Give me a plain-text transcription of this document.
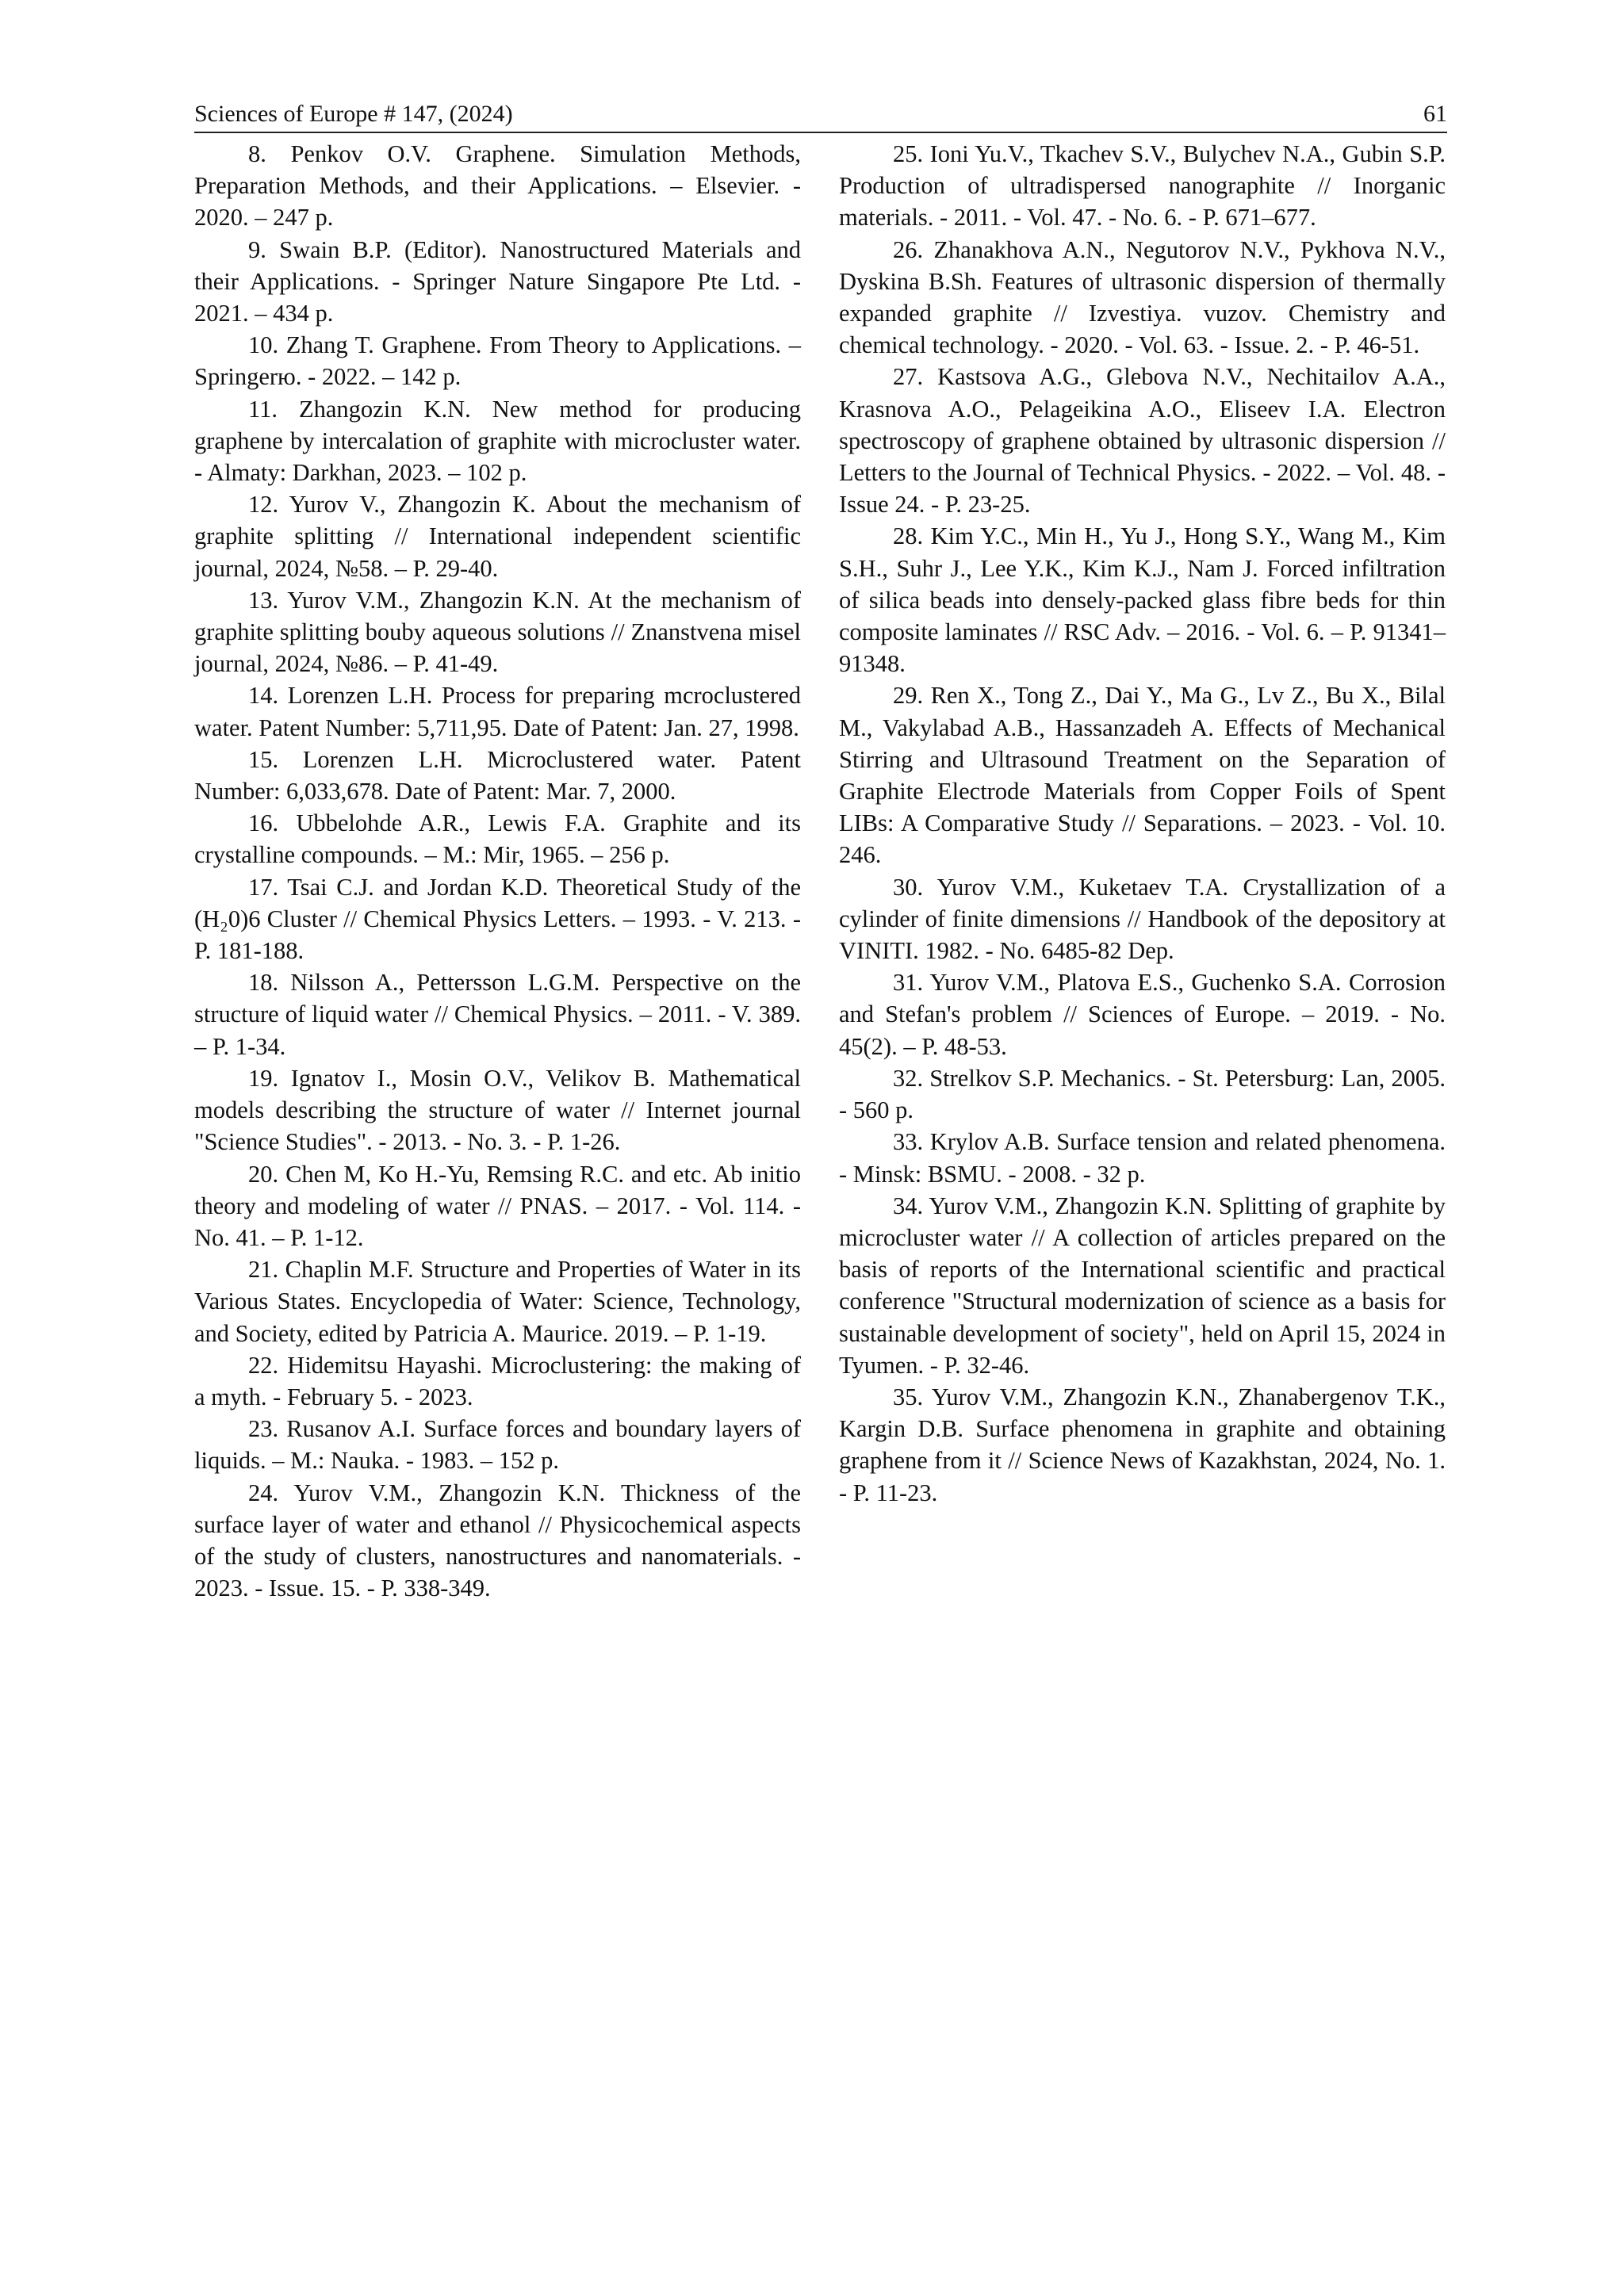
Sciences of Europe # 147, (2024)	61

8. Penkov O.V. Graphene. Simulation Methods, Preparation Methods, and their Applications. – Elsevier. - 2020. – 247 p.

9. Swain B.P. (Editor). Nanostructured Materials and their Applications. - Springer Nature Singapore Pte Ltd. - 2021. – 434 p.

10. Zhang T. Graphene. From Theory to Applications. – Springerю. - 2022. – 142 p.

11. Zhangozin K.N. New method for producing graphene by intercalation of graphite with microcluster water. - Almaty: Darkhan, 2023. – 102 p.

12. Yurov V., Zhangozin K. About the mechanism of graphite splitting // International independent scientific journal, 2024, №58. – P. 29-40.

13. Yurov V.M., Zhangozin K.N. At the mechanism of graphite splitting bouby aqueous solutions // Znanstvena misel journal, 2024, №86. – P. 41-49.

14. Lorenzen L.H. Process for preparing mcroclustered water. Patent Number: 5,711,95. Date of Patent: Jan. 27, 1998.

15. Lorenzen L.H. Microclustered water. Patent Number: 6,033,678. Date of Patent: Mar. 7, 2000.

16. Ubbelohde A.R., Lewis F.A. Graphite and its crystalline compounds. – M.: Mir, 1965. – 256 p.

17. Tsai C.J. and Jordan K.D. Theoretical Study of the (H₂0)6 Cluster // Chemical Physics Letters. – 1993. - V. 213. - P. 181-188.

18. Nilsson A., Pettersson L.G.M. Perspective on the structure of liquid water // Chemical Physics. – 2011. - V. 389. – P. 1-34.

19. Ignatov I., Mosin O.V., Velikov B. Mathematical models describing the structure of water // Internet journal "Science Studies". - 2013. - No. 3. - P. 1-26.

20. Chen M, Ko H.-Yu, Remsing R.C. and etc. Ab initio theory and modeling of water // PNAS. – 2017. - Vol. 114. - No. 41. – P. 1-12.

21. Chaplin M.F. Structure and Properties of Water in its Various States. Encyclopedia of Water: Science, Technology, and Society, edited by Patricia A. Maurice. 2019. – P. 1-19.

22. Hidemitsu Hayashi. Microclustering: the making of a myth. - February 5. - 2023.

23. Rusanov A.I. Surface forces and boundary layers of liquids. – M.: Nauka. - 1983. – 152 p.

24. Yurov V.M., Zhangozin K.N. Thickness of the surface layer of water and ethanol // Physicochemical aspects of the study of clusters, nanostructures and nanomaterials. - 2023. - Issue. 15. - P. 338-349.

25. Ioni Yu.V., Tkachev S.V., Bulychev N.A., Gubin S.P. Production of ultradispersed nanographite // Inorganic materials. - 2011. - Vol. 47. - No. 6. - P. 671–677.

26. Zhanakhova A.N., Negutorov N.V., Pykhova N.V., Dyskina B.Sh. Features of ultrasonic dispersion of thermally expanded graphite // Izvestiya. vuzov. Chemistry and chemical technology. - 2020. - Vol. 63. - Issue. 2. - P. 46-51.

27. Kastsova A.G., Glebova N.V., Nechitailov A.A., Krasnova A.O., Pelageikina A.O., Eliseev I.A. Electron spectroscopy of graphene obtained by ultrasonic dispersion // Letters to the Journal of Technical Physics. - 2022. – Vol. 48. - Issue 24. - P. 23-25.

28. Kim Y.C., Min H., Yu J., Hong S.Y., Wang M., Kim S.H., Suhr J., Lee Y.K., Kim K.J., Nam J. Forced infiltration of silica beads into densely-packed glass fibre beds for thin composite laminates // RSC Adv. – 2016. - Vol. 6. – P. 91341–91348.

29. Ren X., Tong Z., Dai Y., Ma G., Lv Z., Bu X., Bilal M., Vakylabad A.B., Hassanzadeh A. Effects of Mechanical Stirring and Ultrasound Treatment on the Separation of Graphite Electrode Materials from Copper Foils of Spent LIBs: A Comparative Study // Separations. – 2023. - Vol. 10. 246.

30. Yurov V.M., Kuketaev T.A. Crystallization of a cylinder of finite dimensions // Handbook of the depository at VINITI. 1982. - No. 6485-82 Dep.

31. Yurov V.M., Platova E.S., Guchenko S.A. Corrosion and Stefan's problem // Sciences of Europe. – 2019. - No. 45(2). – P. 48-53.

32. Strelkov S.P. Mechanics. - St. Petersburg: Lan, 2005. - 560 p.

33. Krylov A.B. Surface tension and related phenomena. - Minsk: BSMU. - 2008. - 32 p.

34. Yurov V.M., Zhangozin K.N. Splitting of graphite by microcluster water // A collection of articles prepared on the basis of reports of the International scientific and practical conference "Structural modernization of science as a basis for sustainable development of society", held on April 15, 2024 in Tyumen. - P. 32-46.

35. Yurov V.M., Zhangozin K.N., Zhanabergenov T.K., Kargin D.B. Surface phenomena in graphite and obtaining graphene from it // Science News of Kazakhstan, 2024, No. 1. - P. 11-23.
